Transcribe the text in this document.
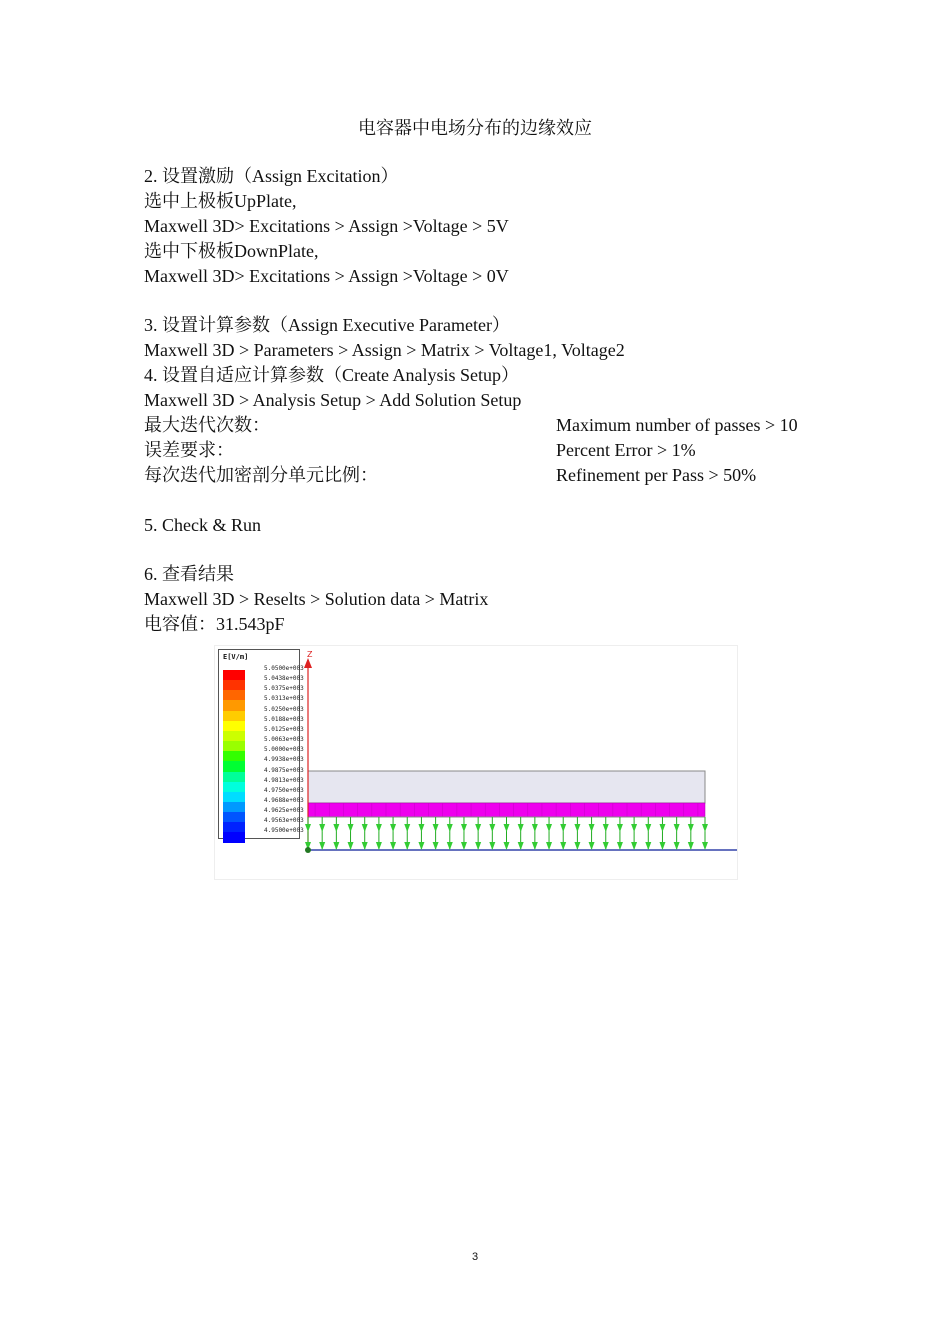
电容器中电场分布的边缘效应
2. 设置激励（Assign Excitation）
选中上极板UpPlate,
Maxwell 3D> Excitations > Assign >Voltage > 5V
选中下极板DownPlate,
Maxwell 3D> Excitations > Assign >Voltage > 0V
3. 设置计算参数（Assign Executive Parameter）
Maxwell 3D > Parameters > Assign > Matrix > Voltage1, Voltage2
4. 设置自适应计算参数（Create Analysis Setup）
Maxwell 3D > Analysis Setup > Add Solution Setup
最大迭代次数：	Maximum number of passes > 10
误差要求：	Percent Error > 1%
每次迭代加密剖分单元比例：	Refinement per Pass > 50%
5. Check & Run
6. 查看结果
Maxwell 3D > Reselts > Solution data > Matrix
电容值：31.543pF
E[V/m]
5.0500e+003
5.0438e+003
5.0375e+003
5.0313e+003
5.0250e+003
5.0188e+003
5.0125e+003
5.0063e+003
5.0000e+003
4.9938e+003
4.9875e+003
4.9813e+003
4.9750e+003
4.9688e+003
4.9625e+003
4.9563e+003
4.9500e+003
Z
3
